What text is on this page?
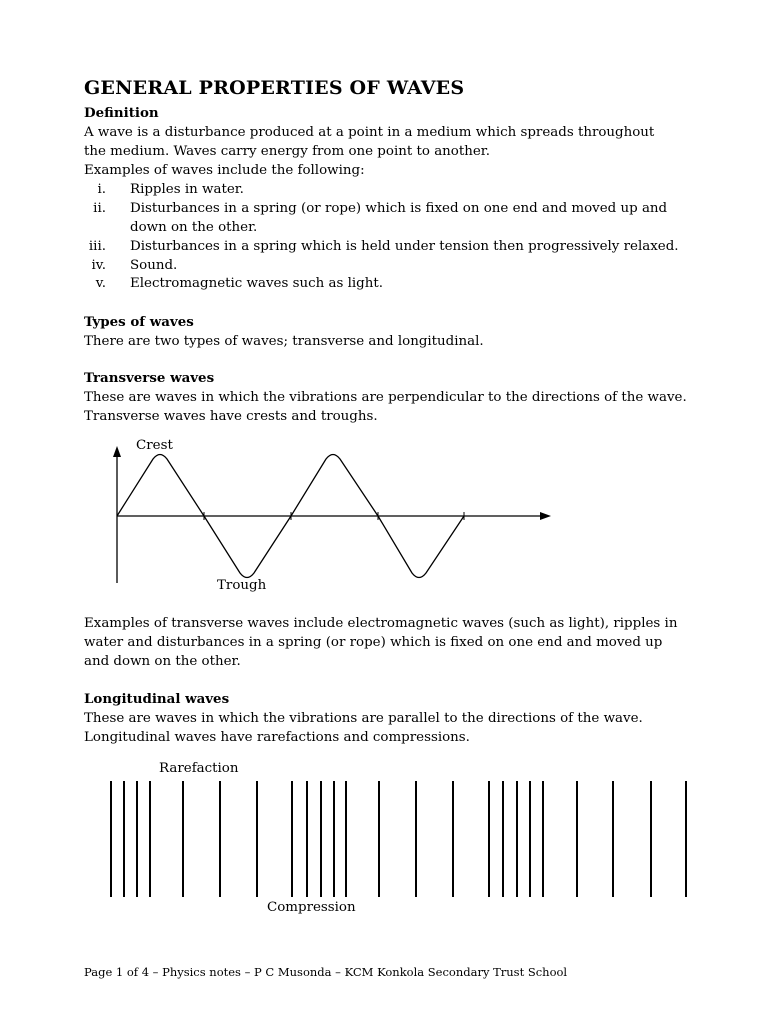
GENERAL PROPERTIES OF WAVES
Definition
A wave is a disturbance produced at a point in a medium which spreads throughout
the medium. Waves carry energy from one point to another.
Examples of waves include the following:
i. Ripples in water.
ii. Disturbances in a spring (or rope) which is fixed on one end and moved up and
down on the other.
iii. Disturbances in a spring which is held under tension then progressively relaxed.
iv. Sound.
v. Electromagnetic waves such as light.
Types of waves
There are two types of waves; transverse and longitudinal.
Transverse waves
These are waves in which the vibrations are perpendicular to the directions of the wave.
Transverse waves have crests and troughs.
Crest
Trough
Examples of transverse waves include electromagnetic waves (such as light), ripples in
water and disturbances in a spring (or rope) which is fixed on one end and moved up
and down on the other.
Longitudinal waves
These are waves in which the vibrations are parallel to the directions of the wave.
Longitudinal waves have rarefactions and compressions.
Rarefaction
Compression
Page 1 of 4 – Physics notes – P C Musonda – KCM Konkola Secondary Trust School
